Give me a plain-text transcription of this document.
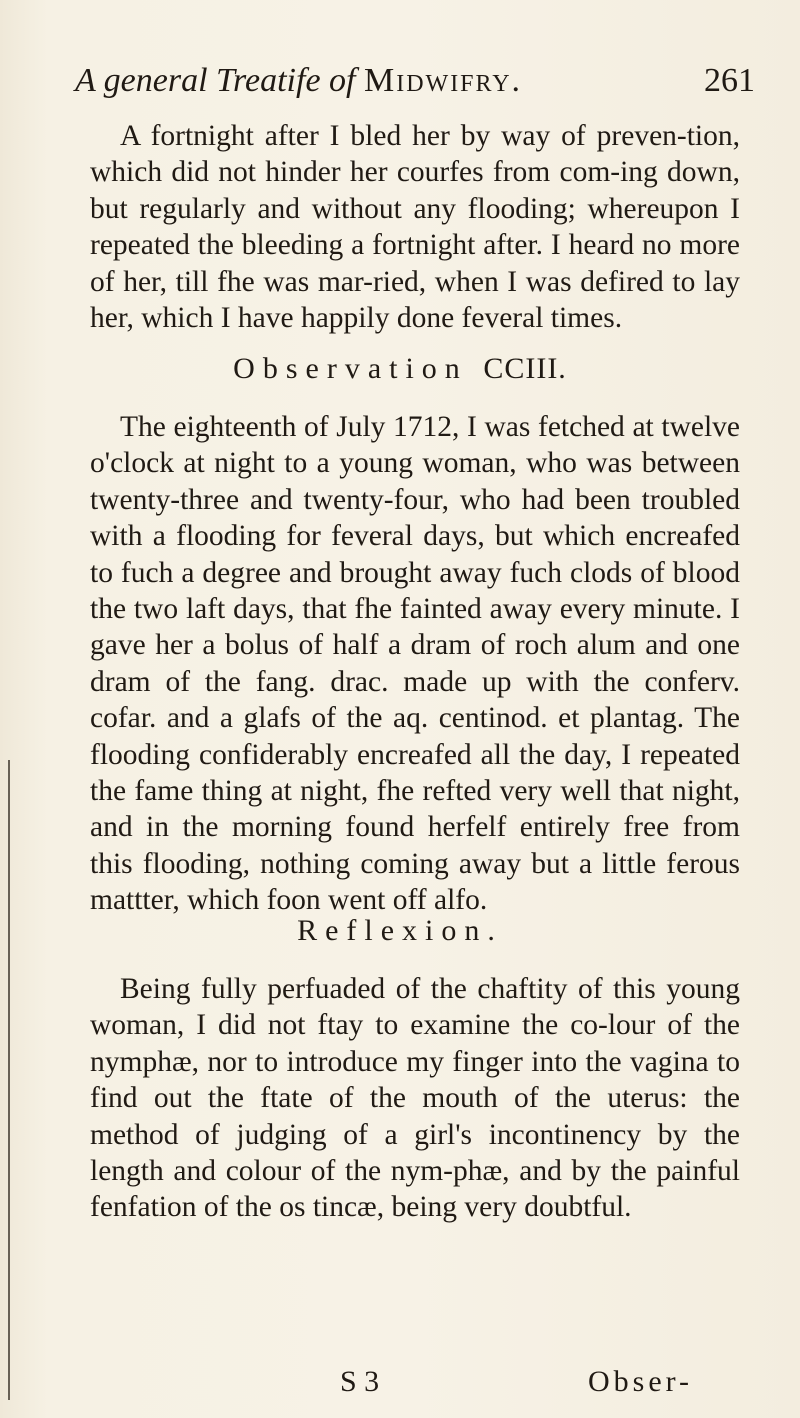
A general Treatife of Midwifry.	261

A fortnight after I bled her by way of preven-tion, which did not hinder her courfes from com-ing down, but regularly and without any flooding; whereupon I repeated the bleeding a fortnight after. I heard no more of her, till fhe was mar-ried, when I was defired to lay her, which I have happily done feveral times.

Observation CCIII.

The eighteenth of July 1712, I was fetched at twelve o'clock at night to a young woman, who was between twenty-three and twenty-four, who had been troubled with a flooding for feveral days, but which encreafed to fuch a degree and brought away fuch clods of blood the two laft days, that fhe fainted away every minute. I gave her a bolus of half a dram of roch alum and one dram of the fang. drac. made up with the conferv. cofar. and a glafs of the aq. centinod. et plantag. The flooding confiderably encreafed all the day, I repeated the fame thing at night, fhe refted very well that night, and in the morning found herfelf entirely free from this flooding, nothing coming away but a little ferous mattter, which foon went off alfo.

Reflexion.

Being fully perfuaded of the chaftity of this young woman, I did not ftay to examine the co-lour of the nymphæ, nor to introduce my finger into the vagina to find out the ftate of the mouth of the uterus: the method of judging of a girl's incontinency by the length and colour of the nym-phæ, and by the painful fenfation of the os tincæ, being very doubtful.

S 3	Obser-
